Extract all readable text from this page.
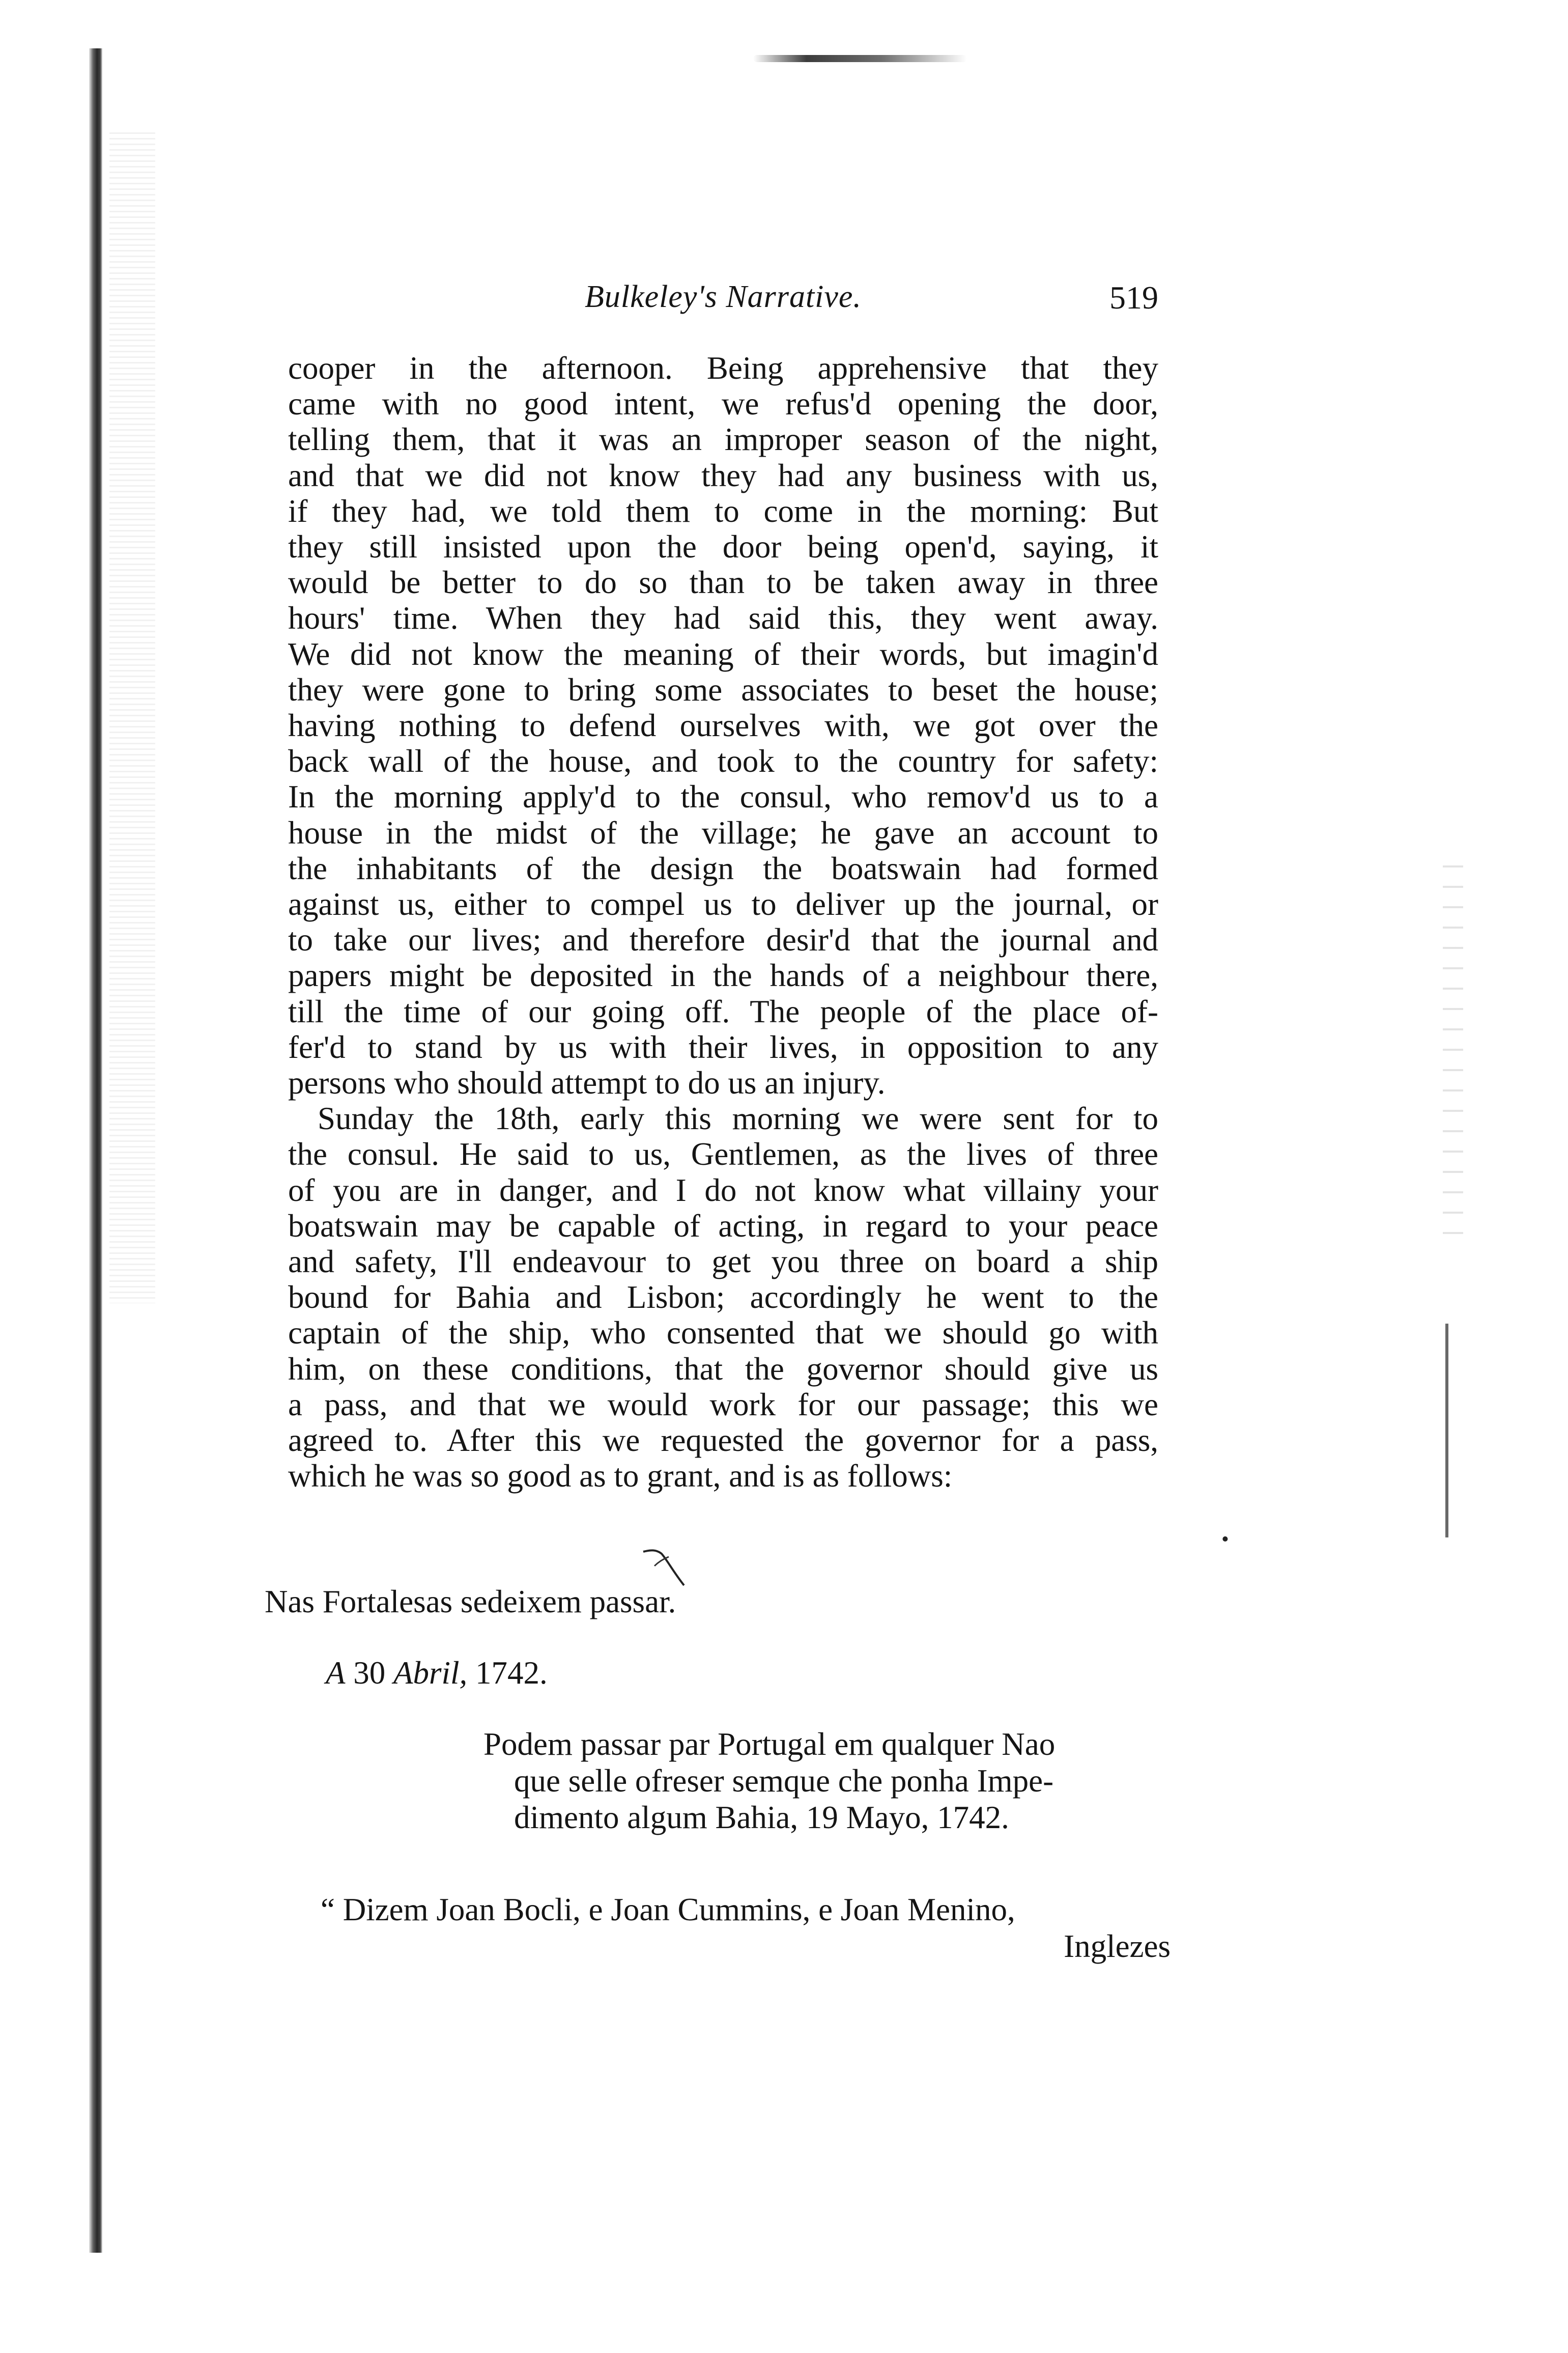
•
Bulkeley's Narrative.	519
cooper in the afternoon. Being apprehensive that they
came with no good intent, we refus'd opening the door,
telling them, that it was an improper season of the night,
and that we did not know they had any business with us,
if they had, we told them to come in the morning: But
they still insisted upon the door being open'd, saying, it
would be better to do so than to be taken away in three
hours' time. When they had said this, they went away.
We did not know the meaning of their words, but imagin'd
they were gone to bring some associates to beset the house;
having nothing to defend ourselves with, we got over the
back wall of the house, and took to the country for safety:
In the morning apply'd to the consul, who remov'd us to a
house in the midst of the village; he gave an account to
the inhabitants of the design the boatswain had formed
against us, either to compel us to deliver up the journal, or
to take our lives; and therefore desir'd that the journal and
papers might be deposited in the hands of a neighbour there,
till the time of our going off. The people of the place of-
fer'd to stand by us with their lives, in opposition to any
persons who should attempt to do us an injury.
Sunday the 18th, early this morning we were sent for to
the consul. He said to us, Gentlemen, as the lives of three
of you are in danger, and I do not know what villainy your
boatswain may be capable of acting, in regard to your peace
and safety, I'll endeavour to get you three on board a ship
bound for Bahia and Lisbon; accordingly he went to the
captain of the ship, who consented that we should go with
him, on these conditions, that the governor should give us
a pass, and that we would work for our passage; this we
agreed to. After this we requested the governor for a pass,
which he was so good as to grant, and is as follows:
Nas Fortalesas sedeixem passar.
A 30 Abril, 1742.
Podem passar par Portugal em qualquer Nao
que selle ofreser semque che ponha Impe-
dimento algum Bahia, 19 Mayo, 1742.
“ Dizem Joan Bocli, e Joan Cummins, e Joan Menino,
Inglezes
